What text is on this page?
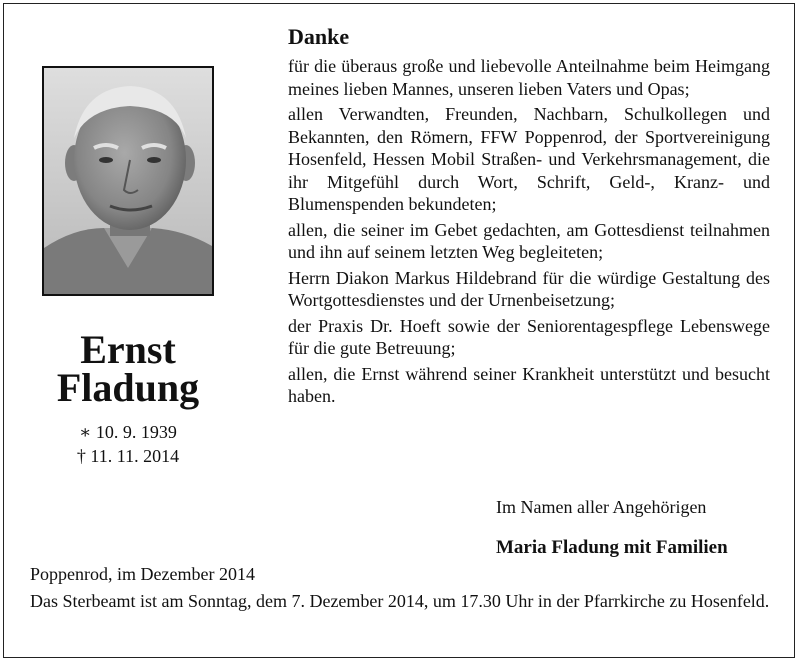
Ernst
Fladung
∗ 10. 9. 1939
† 11. 11. 2014
Danke

für die überaus große und liebevolle Anteilnahme beim Heimgang meines lieben Mannes, unseren lieben Vaters und Opas;

allen Verwandten, Freunden, Nachbarn, Schulkollegen und Bekannten, den Römern, FFW Poppenrod, der Sportvereinigung Hosenfeld, Hessen Mobil Straßen- und Verkehrsmanagement, die ihr Mitgefühl durch Wort, Schrift, Geld-, Kranz- und Blumenspenden bekundeten;

allen, die seiner im Gebet gedachten, am Gottesdienst teilnahmen und ihn auf seinem letzten Weg begleiteten;

Herrn Diakon Markus Hildebrand für die würdige Gestaltung des Wortgottesdienstes und der Urnenbeisetzung;

der Praxis Dr. Hoeft sowie der Seniorentagespflege Lebenswege für die gute Betreuung;

allen, die Ernst während seiner Krankheit unterstützt und besucht haben.

Im Namen aller Angehörigen
Maria Fladung mit Familien
Poppenrod, im Dezember 2014
Das Sterbeamt ist am Sonntag, dem 7. Dezember 2014, um 17.30 Uhr in der Pfarrkirche zu Hosenfeld.
